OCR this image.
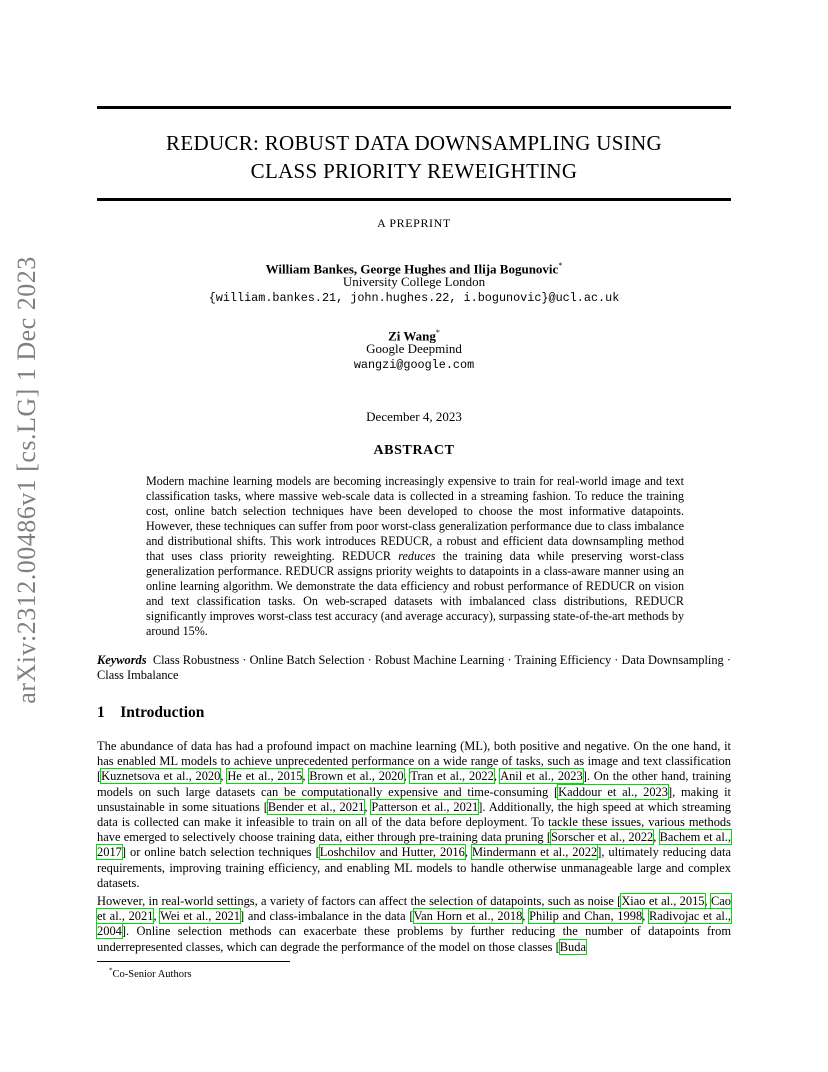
arXiv:2312.00486v1 [cs.LG] 1 Dec 2023
REDUCR: ROBUST DATA DOWNSAMPLING USING
CLASS PRIORITY REWEIGHTING
A PREPRINT
William Bankes, George Hughes and Ilija Bogunovic*
University College London
{william.bankes.21, john.hughes.22, i.bogunovic}@ucl.ac.uk
Zi Wang*
Google Deepmind
wangzi@google.com
December 4, 2023
ABSTRACT
Modern machine learning models are becoming increasingly expensive to train for real-world image and text classification tasks, where massive web-scale data is collected in a streaming fashion. To reduce the training cost, online batch selection techniques have been developed to choose the most informative datapoints. However, these techniques can suffer from poor worst-class generalization performance due to class imbalance and distributional shifts. This work introduces REDUCR, a robust and efficient data downsampling method that uses class priority reweighting. REDUCR reduces the training data while preserving worst-class generalization performance. REDUCR assigns priority weights to datapoints in a class-aware manner using an online learning algorithm. We demonstrate the data efficiency and robust performance of REDUCR on vision and text classification tasks. On web-scraped datasets with imbalanced class distributions, REDUCR significantly improves worst-class test accuracy (and average accuracy), surpassing state-of-the-art methods by around 15%.
Keywords Class Robustness · Online Batch Selection · Robust Machine Learning · Training Efficiency · Data Downsampling · Class Imbalance
1 Introduction

The abundance of data has had a profound impact on machine learning (ML), both positive and negative. On the one hand, it has enabled ML models to achieve unprecedented performance on a wide range of tasks, such as image and text classification [Kuznetsova et al., 2020, He et al., 2015, Brown et al., 2020, Tran et al., 2022, Anil et al., 2023]. On the other hand, training models on such large datasets can be computationally expensive and time-consuming [Kaddour et al., 2023], making it unsustainable in some situations [Bender et al., 2021, Patterson et al., 2021]. Additionally, the high speed at which streaming data is collected can make it infeasible to train on all of the data before deployment. To tackle these issues, various methods have emerged to selectively choose training data, either through pre-training data pruning [Sorscher et al., 2022, Bachem et al., 2017] or online batch selection techniques [Loshchilov and Hutter, 2016, Mindermann et al., 2022], ultimately reducing data requirements, improving training efficiency, and enabling ML models to handle otherwise unmanageable large and complex datasets.

However, in real-world settings, a variety of factors can affect the selection of datapoints, such as noise [Xiao et al., 2015, Cao et al., 2021, Wei et al., 2021] and class-imbalance in the data [Van Horn et al., 2018, Philip and Chan, 1998, Radivojac et al., 2004]. Online selection methods can exacerbate these problems by further reducing the number of datapoints from underrepresented classes, which can degrade the performance of the model on those classes [Buda

*Co-Senior Authors
